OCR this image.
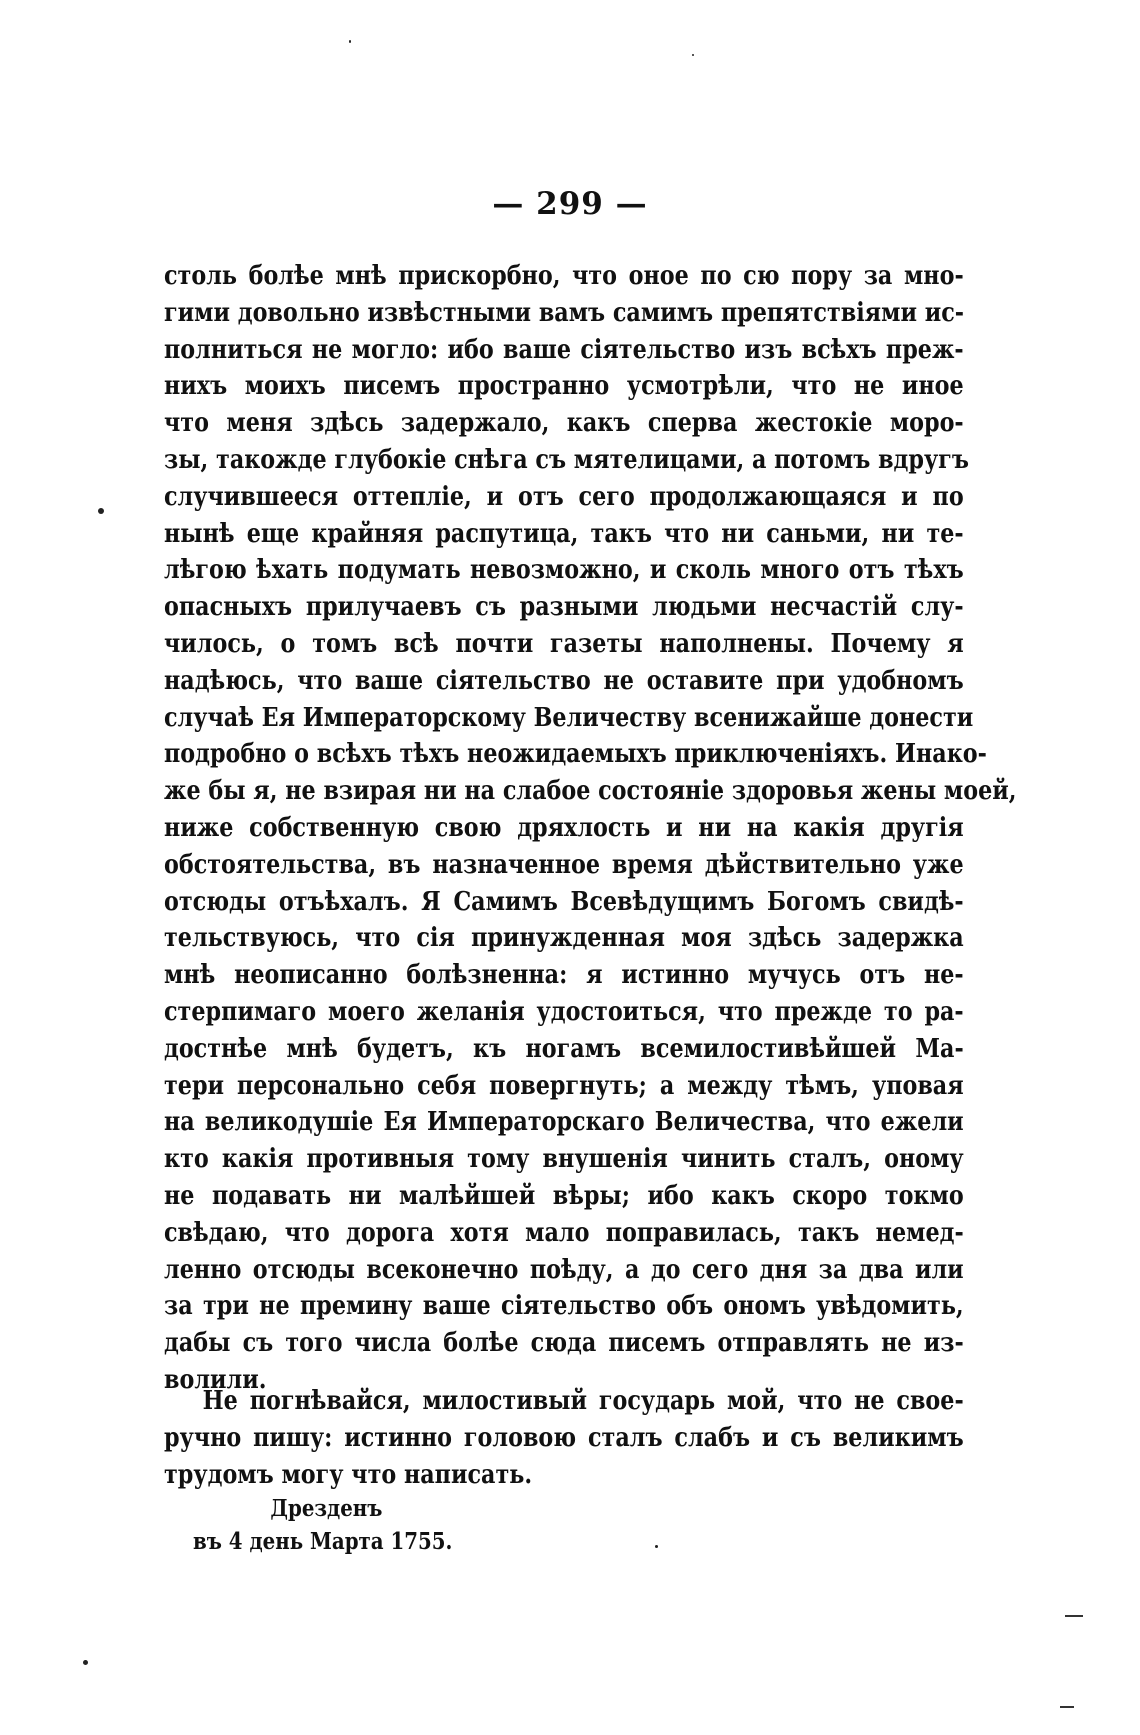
— 299 —
столь болѣе мнѣ прискорбно, что оное по сю пору за мно-
гими довольно извѣстными вамъ самимъ препятствіями ис-
полниться не могло: ибо ваше сіятельство изъ всѣхъ преж-
нихъ моихъ писемъ пространно усмотрѣли, что не иное
что меня здѣсь задержало, какъ сперва жестокіе моро-
зы, такожде глубокіе снѣга съ мятелицами, а потомъ вдругъ
случившееся оттепліе, и отъ сего продолжающаяся и по
нынѣ еще крайняя распутица, такъ что ни саньми, ни те-
лѣгою ѣхать подумать невозможно, и сколь много отъ тѣхъ
опасныхъ прилучаевъ съ разными людьми несчастій слу-
чилось, о томъ всѣ почти газеты наполнены. Почему я
надѣюсь, что ваше сіятельство не оставите при удобномъ
случаѣ Ея Императорскому Величеству всенижайше донести
подробно о всѣхъ тѣхъ неожидаемыхъ приключеніяхъ. Инако-
же бы я, не взирая ни на слабое состояніе здоровья жены моей,
ниже собственную свою дряхлость и ни на какія другія
обстоятельства, въ назначенное время дѣйствительно уже
отсюды отъѣхалъ. Я Самимъ Всевѣдущимъ Богомъ свидѣ-
тельствуюсь, что сія принужденная моя здѣсь задержка
мнѣ неописанно болѣзненна: я истинно мучусь отъ не-
стерпимаго моего желанія удостоиться, что прежде то ра-
достнѣе мнѣ будетъ, къ ногамъ всемилостивѣйшей Ма-
тери персонально себя повергнуть; а между тѣмъ, уповая
на великодушіе Ея Императорскаго Величества, что ежели
кто какія противныя тому внушенія чинить сталъ, оному
не подавать ни малѣйшей вѣры; ибо какъ скоро токмо
свѣдаю, что дорога хотя мало поправилась, такъ немед-
ленно отсюды всеконечно поѣду, а до сего дня за два или
за три не премину ваше сіятельство объ ономъ увѣдомить,
дабы съ того числа болѣе сюда писемъ отправлять не из-
волили.
Не погнѣвайся, милостивый государь мой, что не свое-
ручно пишу: истинно головою сталъ слабъ и съ великимъ
трудомъ могу что написать.
Дрезденъ
въ 4 день Марта 1755.
